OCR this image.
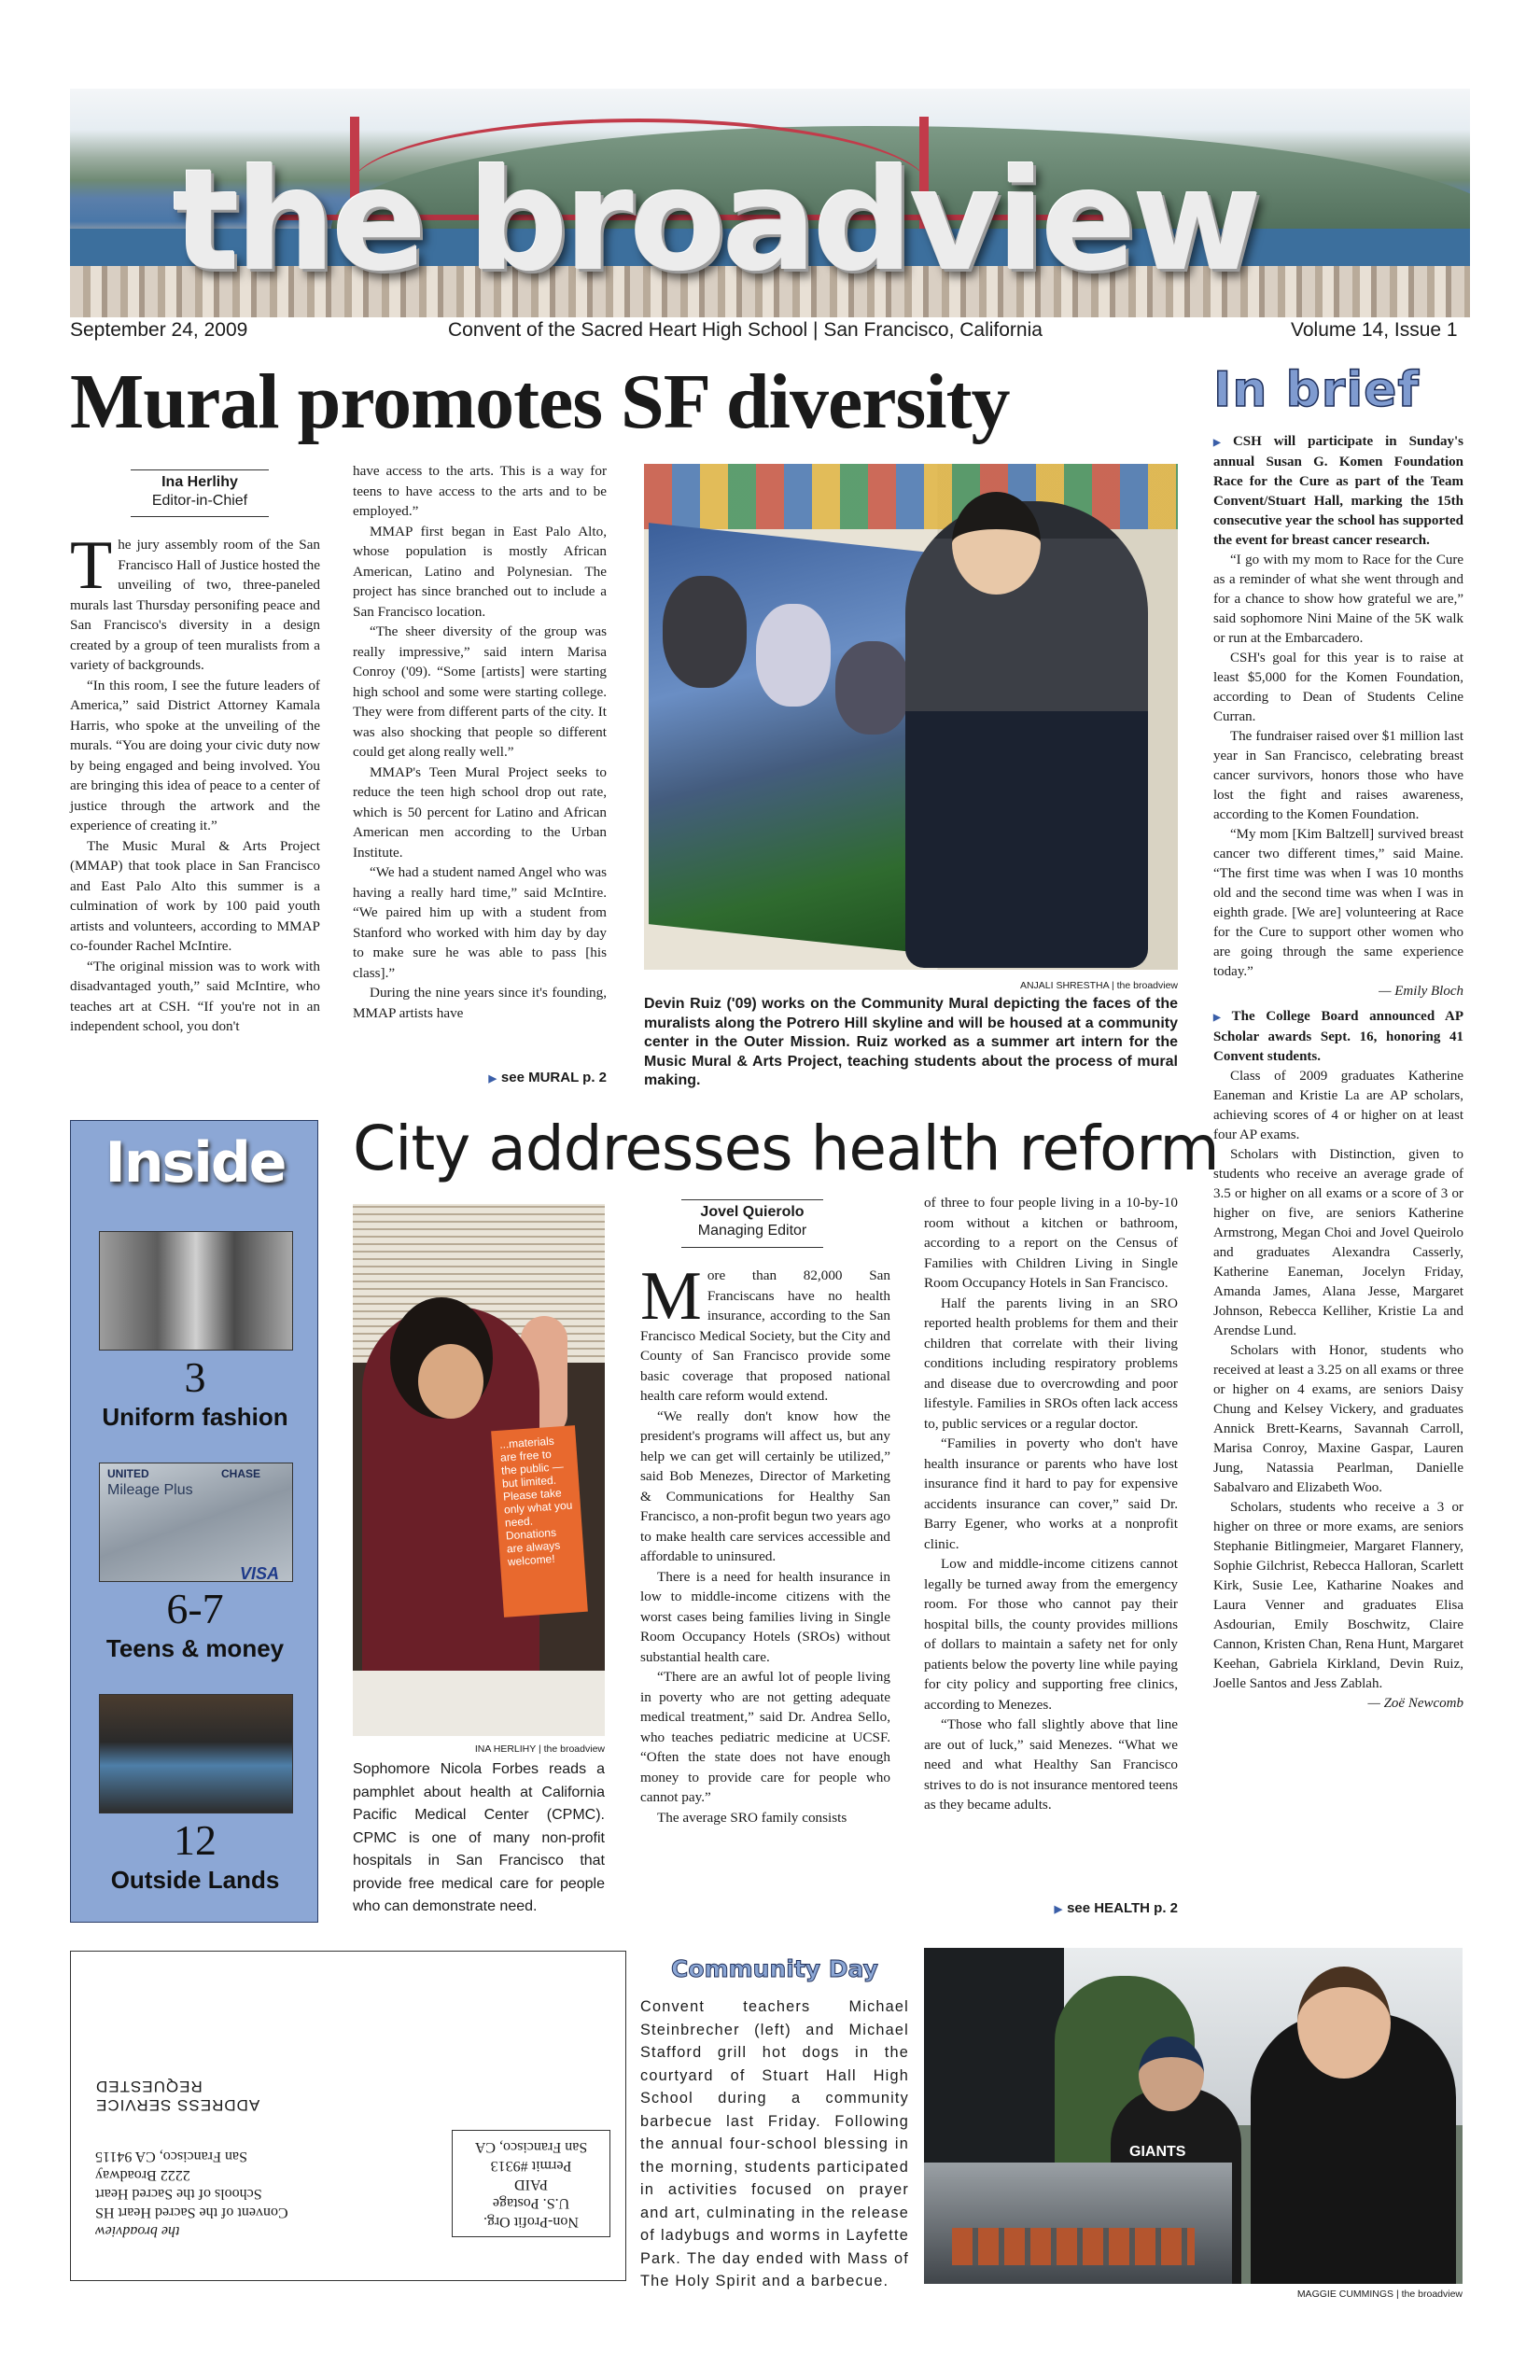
the broadview
September 24, 2009	Convent of the Sacred Heart High School | San Francisco, California	Volume 14, Issue 1
Mural promotes SF diversity
Ina Herlihy
Editor-in-Chief

The jury assembly room of the San Francisco Hall of Justice hosted the unveiling of two, three-paneled murals last Thursday personifing peace and San Francisco's diversity in a design created by a group of teen muralists from a variety of backgrounds.

“In this room, I see the future leaders of America,” said District Attorney Kamala Harris, who spoke at the unveiling of the murals. “You are doing your civic duty now by being engaged and being involved. You are bringing this idea of peace to a center of justice through the artwork and the experience of creating it.”

The Music Mural & Arts Project (MMAP) that took place in San Francisco and East Palo Alto this summer is a culmination of work by 100 paid youth artists and volunteers, according to MMAP co-founder Rachel McIntire.

“The original mission was to work with disadvantaged youth,” said McIntire, who teaches art at CSH. “If you're not in an independent school, you don't

have access to the arts. This is a way for teens to have access to the arts and to be employed.”

MMAP first began in East Palo Alto, whose population is mostly African American, Latino and Polynesian. The project has since branched out to include a San Francisco location.

“The sheer diversity of the group was really impressive,” said intern Marisa Conroy ('09). “Some [artists] were starting high school and some were starting college. They were from different parts of the city. It was also shocking that people so different could get along really well.”

MMAP's Teen Mural Project seeks to reduce the teen high school drop out rate, which is 50 percent for Latino and African American men according to the Urban Institute.

“We had a student named Angel who was having a really hard time,” said McIntire. “We paired him up with a student from Stanford who worked with him day by day to make sure he was able to pass [his class].”

During the nine years since it's founding, MMAP artists have

▶ see MURAL p. 2
ANJALI SHRESTHA | the broadview
Devin Ruiz ('09) works on the Community Mural depicting the faces of the muralists along the Potrero Hill skyline and will be housed at a community center in the Outer Mission. Ruiz worked as a summer art intern for the Music Mural & Arts Project, teaching students about the process of mural making.
In brief

▶ CSH will participate in Sunday's annual Susan G. Komen Foundation Race for the Cure as part of the Team Convent/Stuart Hall, marking the 15th consecutive year the school has supported the event for breast cancer research.

“I go with my mom to Race for the Cure as a reminder of what she went through and for a chance to show how grateful we are,” said sophomore Nini Maine of the 5K walk or run at the Embarcadero.

CSH's goal for this year is to raise at least $5,000 for the Komen Foundation, according to Dean of Students Celine Curran.

The fundraiser raised over $1 million last year in San Francisco, celebrating breast cancer survivors, honors those who have lost the fight and raises awareness, according to the Komen Foundation.

“My mom [Kim Baltzell] survived breast cancer two different times,” said Maine. “The first time was when I was 10 months old and the second time was when I was in eighth grade. [We are] volunteering at Race for the Cure to support other women who are going through the same experience today.”

— Emily Bloch

▶ The College Board announced AP Scholar awards Sept. 16, honoring 41 Convent students.

Class of 2009 graduates Katherine Eaneman and Kristie La are AP scholars, achieving scores of 4 or higher on at least four AP exams.

Scholars with Distinction, given to students who receive an average grade of 3.5 or higher on all exams or a score of 3 or higher on five, are seniors Katherine Armstrong, Megan Choi and Jovel Queirolo and graduates Alexandra Casserly, Katherine Eaneman, Jocelyn Friday, Amanda James, Alana Jesse, Margaret Johnson, Rebecca Kelliher, Kristie La and Arendse Lund.

Scholars with Honor, students who received at least a 3.25 on all exams or three or higher on 4 exams, are seniors Daisy Chung and Kelsey Vickery, and graduates Annick Brett-Kearns, Savannah Carroll, Marisa Conroy, Maxine Gaspar, Lauren Jung, Natassia Pearlman, Danielle Sabalvaro and Elizabeth Woo.

Scholars, students who receive a 3 or higher on three or more exams, are seniors Stephanie Bitlingmeier, Margaret Flannery, Sophie Gilchrist, Rebecca Halloran, Scarlett Kirk, Susie Lee, Katharine Noakes and Laura Venner and graduates Elisa Asdourian, Emily Boschwitz, Claire Cannon, Kristen Chan, Rena Hunt, Margaret Keehan, Gabriela Kirkland, Devin Ruiz, Joelle Santos and Jess Zablah.

— Zoë Newcomb

Inside
3
Uniform fashion
UNITED	CHASE
Mileage Plus
VISA
6-7
Teens & money
12
Outside Lands
City addresses health reform
...materials are free to the public — but limited. Please take only what you need. Donations are always welcome!
INA HERLIHY | the broadview
Sophomore Nicola Forbes reads a pamphlet about health at California Pacific Medical Center (CPMC). CPMC is one of many non-profit hospitals in San Francisco that provide free medical care for people who can demonstrate need.
Jovel Quierolo
Managing Editor

More than 82,000 San Franciscans have no health insurance, according to the San Francisco Medical Society, but the City and County of San Francisco provide some basic coverage that proposed national health care reform would extend.

“We really don't know how the president's programs will affect us, but any help we can get will certainly be utilized,” said Bob Menezes, Director of Marketing & Communications for Healthy San Francisco, a non-profit begun two years ago to make health care services accessible and affordable to uninsured.

There is a need for health insurance in low to middle-income citizens with the worst cases being families living in Single Room Occupancy Hotels (SROs) without substantial health care.

“There are an awful lot of people living in poverty who are not getting adequate medical treatment,” said Dr. Andrea Sello, who teaches pediatric medicine at UCSF. “Often the state does not have enough money to provide care for people who cannot pay.”

The average SRO family consists

of three to four people living in a 10-by-10 room without a kitchen or bathroom, according to a report on the Census of Families with Children Living in Single Room Occupancy Hotels in San Francisco.

Half the parents living in an SRO reported health problems for them and their children that correlate with their living conditions including respiratory problems and disease due to overcrowding and poor lifestyle. Families in SROs often lack access to, public services or a regular doctor.

“Families in poverty who don't have health insurance or parents who have lost insurance find it hard to pay for expensive accidents insurance can cover,” said Dr. Barry Egener, who works at a nonprofit clinic.

Low and middle-income citizens cannot legally be turned away from the emergency room. For those who cannot pay their hospital bills, the county provides millions of dollars to maintain a safety net for only patients below the poverty line while paying for city policy and supporting free clinics, according to Menezes.

“Those who fall slightly above that line are out of luck,” said Menezes. “What we need and what Healthy San Francisco strives to do is not insurance mentored teens as they became adults.

▶ see HEALTH p. 2
Non-Profit Org.
U.S. Postage
PAID
Permit #9313
San Francisco, CA
the broadview
Convent of the Sacred Heart HS
Schools of the Sacred Heart
2222 Broadway
San Francisco, CA 94115
ADDRESS SERVICE REQUESTED
Community Day
Convent teachers Michael Steinbrecher (left) and Michael Stafford grill hot dogs in the courtyard of Stuart Hall High School during a community barbecue last Friday. Following the annual four-school blessing in the morning, students participated in activities focused on prayer and art, culminating in the release of ladybugs and worms in Layfette Park. The day ended with Mass of The Holy Spirit and a barbecue.
GIANTS
MAGGIE CUMMINGS | the broadview
